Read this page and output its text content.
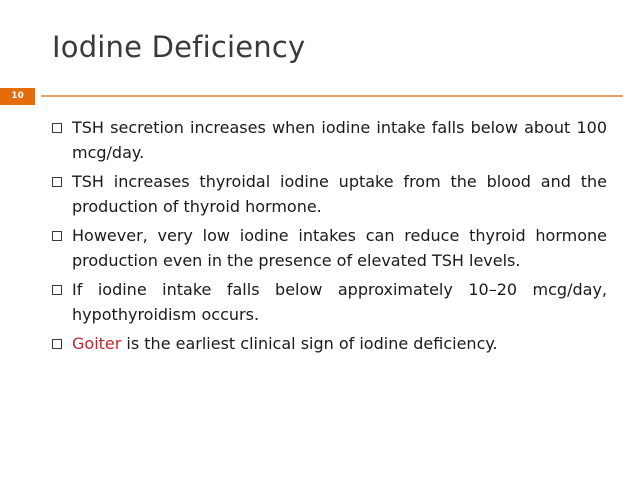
Iodine Deficiency
10
TSH secretion increases when iodine intake falls below about 100 mcg/day.
TSH increases thyroidal iodine uptake from the blood and the production of thyroid hormone.
However, very low iodine intakes can reduce thyroid hormone production even in the presence of elevated TSH levels.
If iodine intake falls below approximately 10–20 mcg/day, hypothyroidism occurs.
Goiter is the earliest clinical sign of iodine deficiency.
